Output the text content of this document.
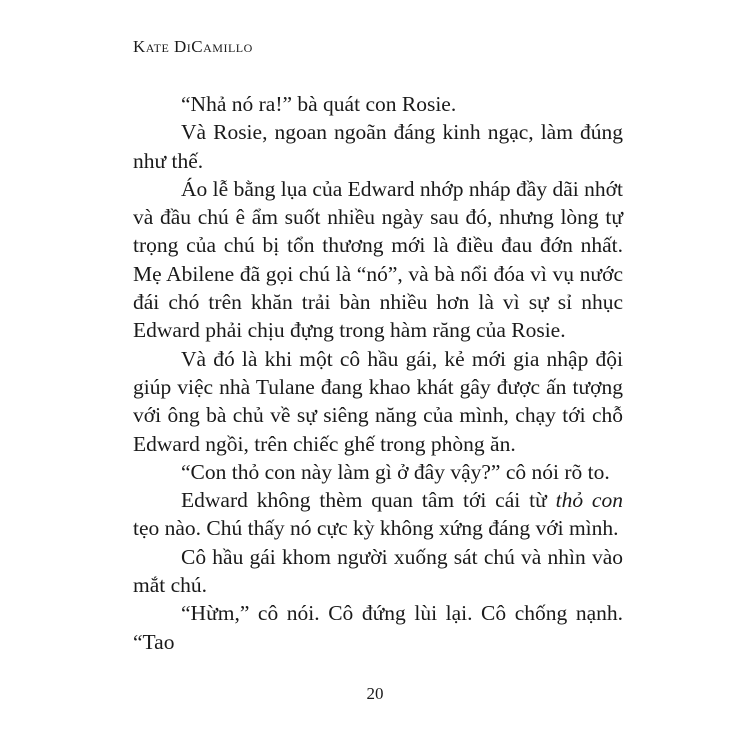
Kate DiCamillo

“Nhả nó ra!” bà quát con Rosie.

Và Rosie, ngoan ngoãn đáng kinh ngạc, làm đúng như thế.

Áo lễ bằng lụa của Edward nhớp nháp đầy dãi nhớt và đầu chú ê ẩm suốt nhiều ngày sau đó, nhưng lòng tự trọng của chú bị tổn thương mới là điều đau đớn nhất. Mẹ Abilene đã gọi chú là “nó”, và bà nổi đóa vì vụ nước đái chó trên khăn trải bàn nhiều hơn là vì sự sỉ nhục Edward phải chịu đựng trong hàm răng của Rosie.

Và đó là khi một cô hầu gái, kẻ mới gia nhập đội giúp việc nhà Tulane đang khao khát gây được ấn tượng với ông bà chủ về sự siêng năng của mình, chạy tới chỗ Edward ngồi, trên chiếc ghế trong phòng ăn.

“Con thỏ con này làm gì ở đây vậy?” cô nói rõ to.

Edward không thèm quan tâm tới cái từ thỏ con tẹo nào. Chú thấy nó cực kỳ không xứng đáng với mình.

Cô hầu gái khom người xuống sát chú và nhìn vào mắt chú.

“Hừm,” cô nói. Cô đứng lùi lại. Cô chống nạnh. “Tao

20
